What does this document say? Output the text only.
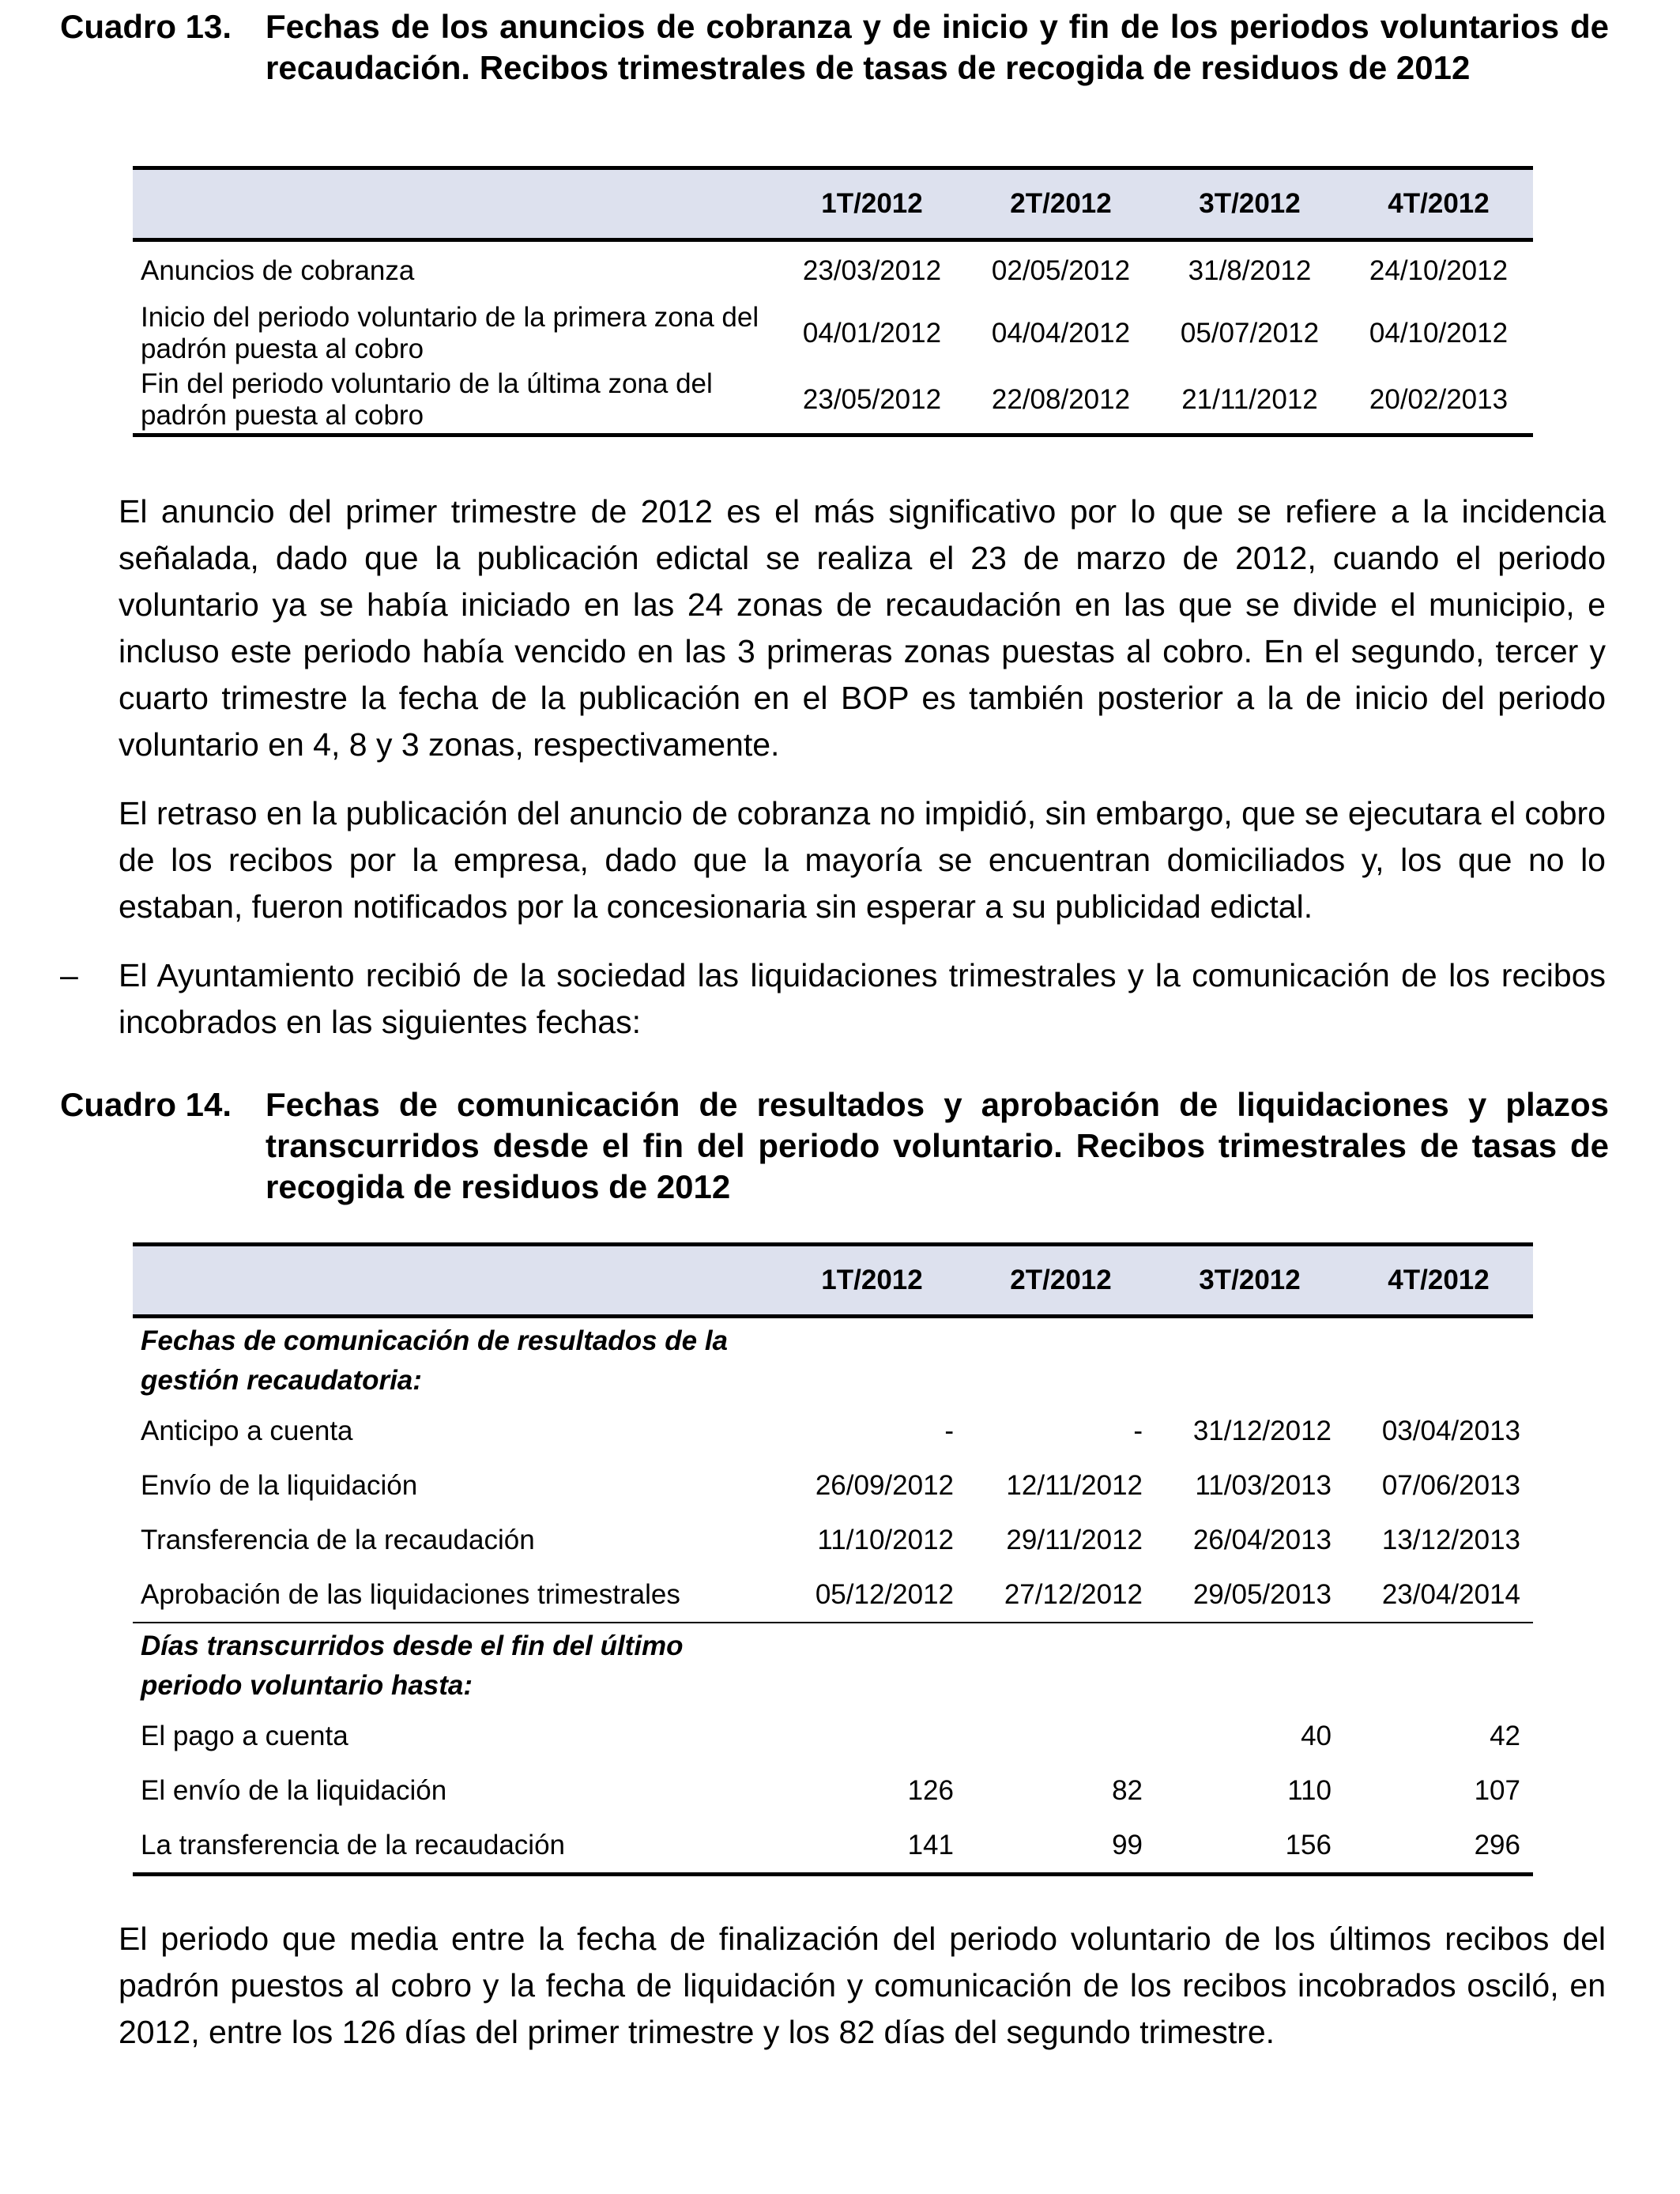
Cuadro 13.	Fechas de los anuncios de cobranza y de inicio y fin de los periodos voluntarios de recaudación. Recibos trimestrales de tasas de recogida de residuos de 2012
	1T/2012	2T/2012	3T/2012	4T/2012
Anuncios de cobranza	23/03/2012	02/05/2012	31/8/2012	24/10/2012
Inicio del periodo voluntario de la primera zona del padrón puesta al cobro	04/01/2012	04/04/2012	05/07/2012	04/10/2012
Fin del periodo voluntario de la última zona del padrón puesta al cobro	23/05/2012	22/08/2012	21/11/2012	20/02/2013

El anuncio del primer trimestre de 2012 es el más significativo por lo que se refiere a la incidencia señalada, dado que la publicación edictal se realiza el 23 de marzo de 2012, cuando el periodo voluntario ya se había iniciado en las 24 zonas de recaudación en las que se divide el municipio, e incluso este periodo había vencido en las 3 primeras zonas puestas al cobro. En el segundo, tercer y cuarto trimestre la fecha de la publicación en el BOP es también posterior a la de inicio del periodo voluntario en 4, 8 y 3 zonas, respectivamente.

El retraso en la publicación del anuncio de cobranza no impidió, sin embargo, que se ejecutara el cobro de los recibos por la empresa, dado que la mayoría se encuentran domiciliados y, los que no lo estaban, fueron notificados por la concesionaria sin esperar a su publicidad edictal.

– El Ayuntamiento recibió de la sociedad las liquidaciones trimestrales y la comunicación de los recibos incobrados en las siguientes fechas:

Cuadro 14.	Fechas de comunicación de resultados y aprobación de liquidaciones y plazos transcurridos desde el fin del periodo voluntario. Recibos trimestrales de tasas de recogida de residuos de 2012
	1T/2012	2T/2012	3T/2012	4T/2012
Fechas de comunicación de resultados de la gestión recaudatoria:				
Anticipo a cuenta	-	-	31/12/2012	03/04/2013
Envío de la liquidación	26/09/2012	12/11/2012	11/03/2013	07/06/2013
Transferencia de la recaudación	11/10/2012	29/11/2012	26/04/2013	13/12/2013
Aprobación de las liquidaciones trimestrales	05/12/2012	27/12/2012	29/05/2013	23/04/2014
Días transcurridos desde el fin del último periodo voluntario hasta:				
El pago a cuenta			40	42
El envío de la liquidación	126	82	110	107
La transferencia de la recaudación	141	99	156	296

El periodo que media entre la fecha de finalización del periodo voluntario de los últimos recibos del padrón puestos al cobro y la fecha de liquidación y comunicación de los recibos incobrados osciló, en 2012, entre los 126 días del primer trimestre y los 82 días del segundo trimestre.
